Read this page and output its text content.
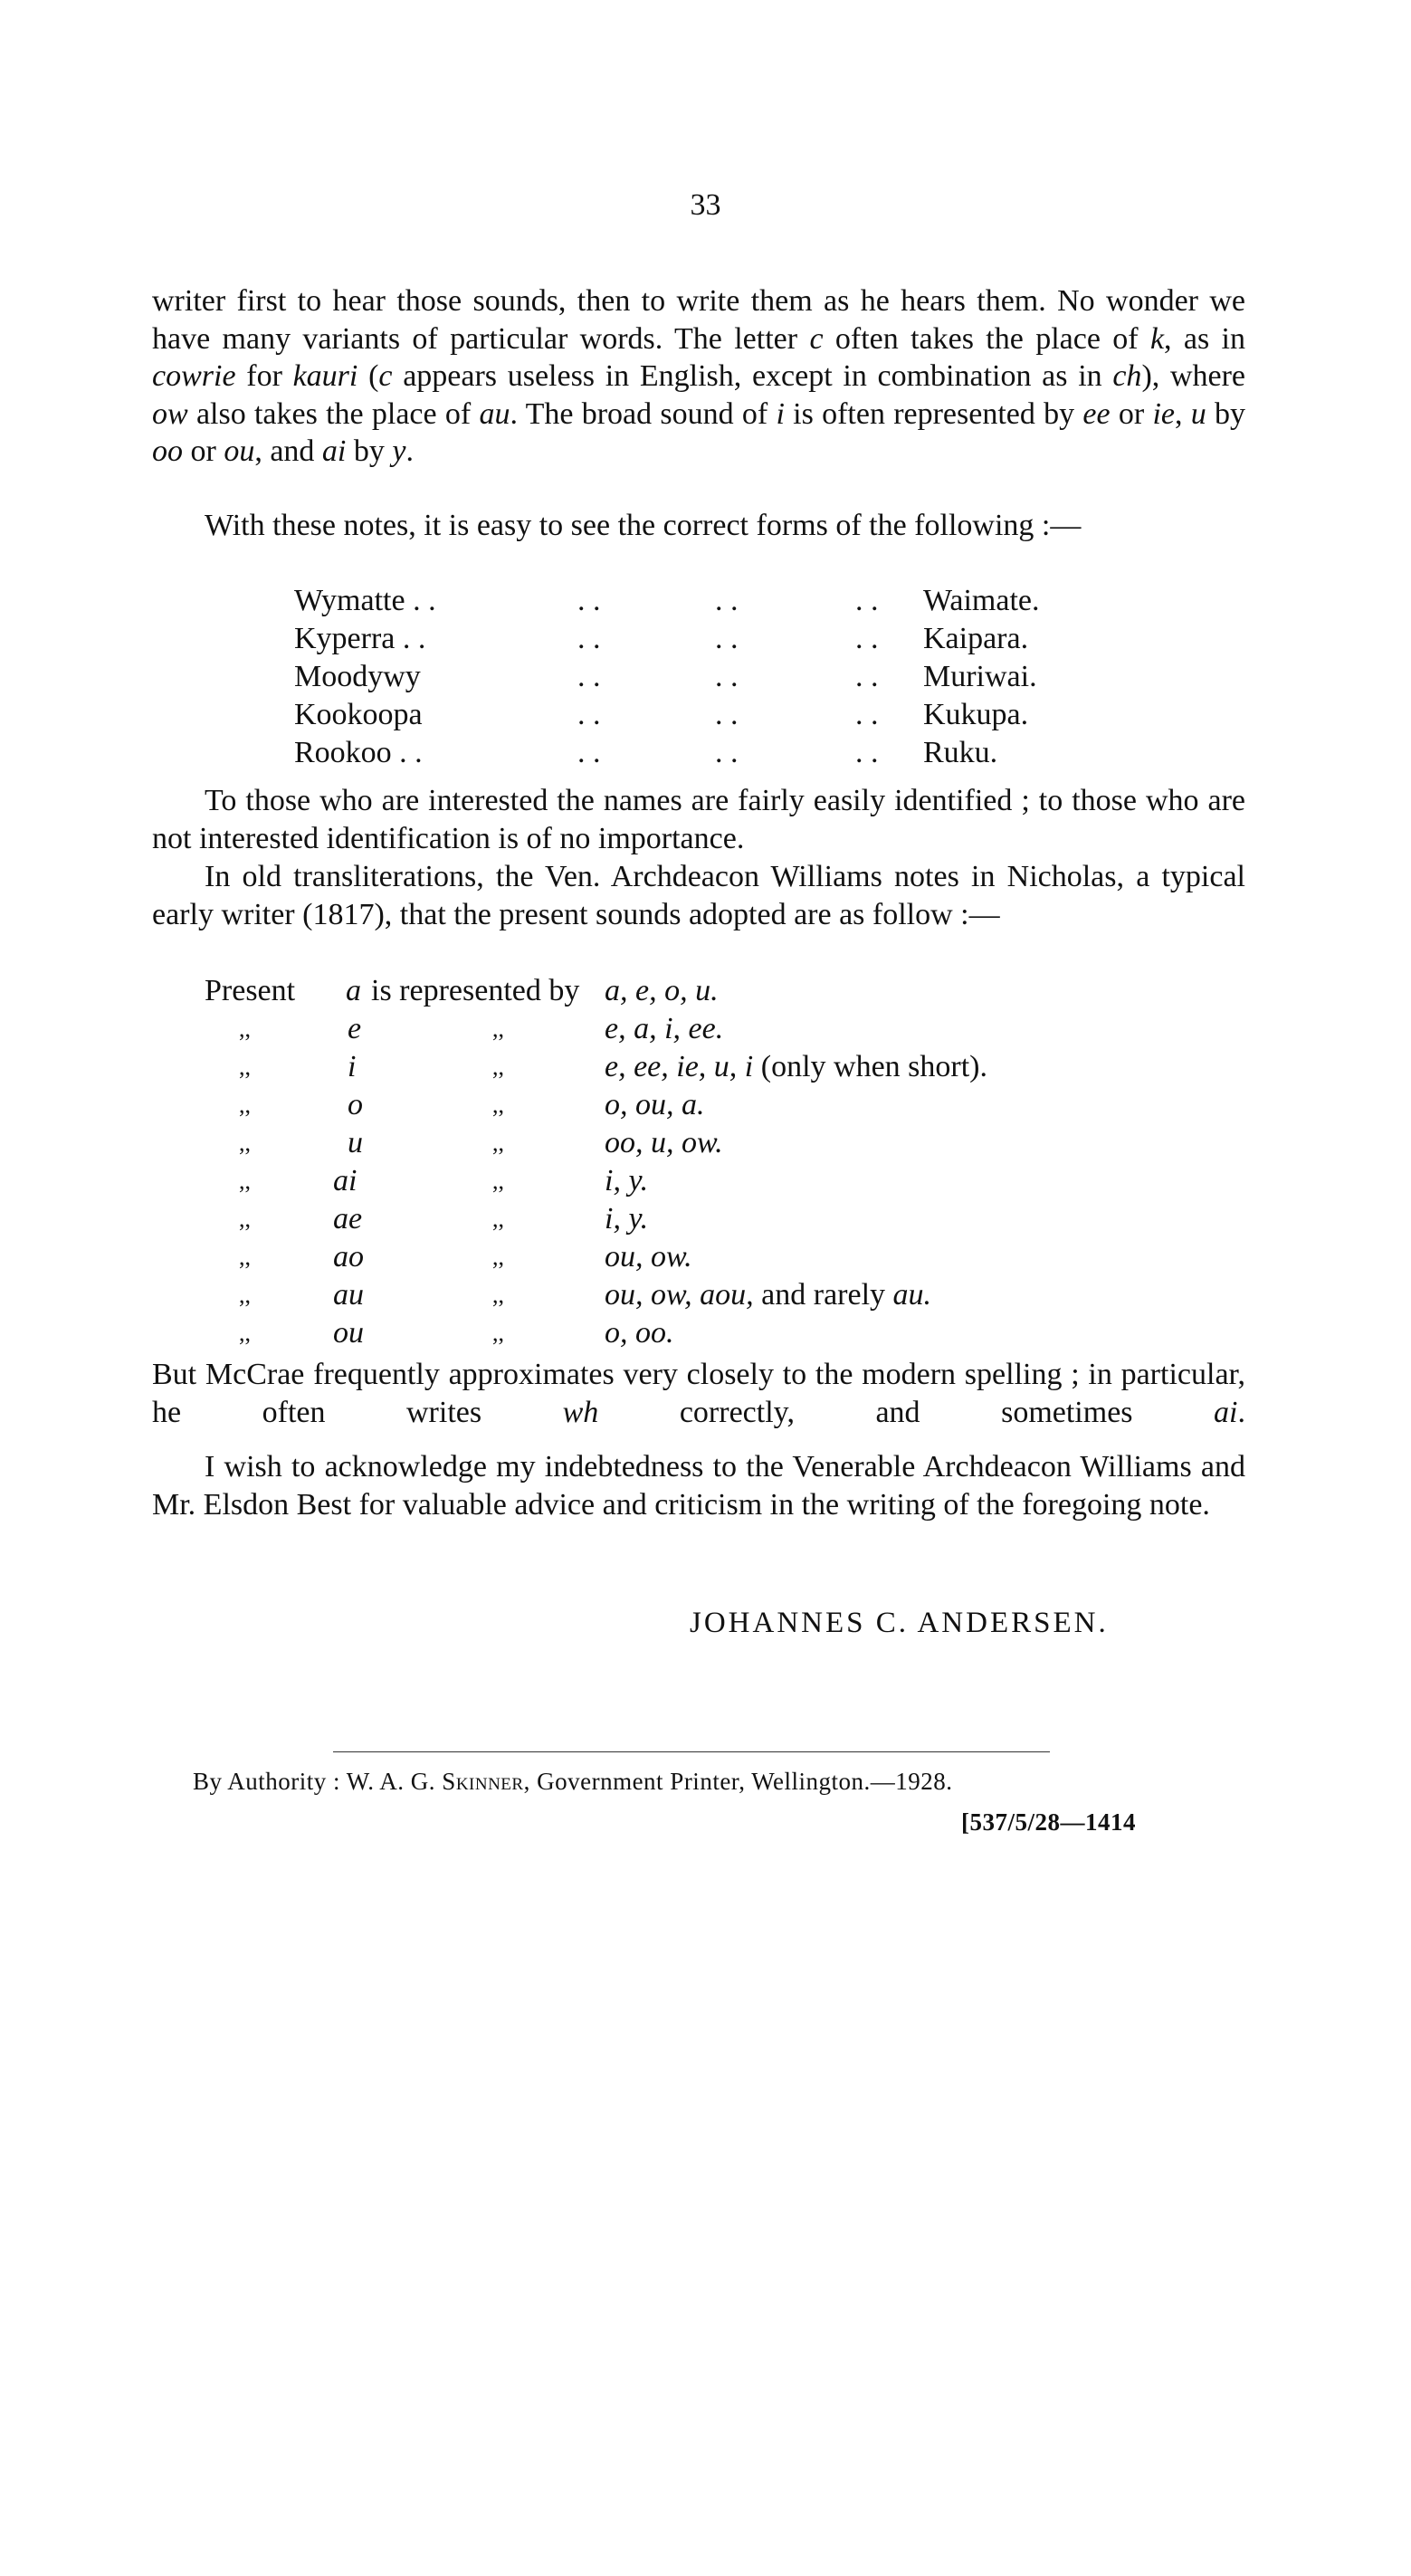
33

writer first to hear those sounds, then to write them as he hears them. No wonder we have many variants of particular words. The letter c often takes the place of k, as in cowrie for kauri (c appears useless in English, except in combination as in ch), where ow also takes the place of au. The broad sound of i is often represented by ee or ie, u by oo or ou, and ai by y.

With these notes, it is easy to see the correct forms of the following :—

Wymatte . .	. .	. .	. . Waimate.
Kyperra . .	. .	. .	. . Kaipara.
Moodywy	. .	. .	. . Muriwai.
Kookoopa	. .	. .	. . Kukupa.
Rookoo . .	. .	. .	. . Ruku.

To those who are interested the names are fairly easily identified ; to those who are not interested identification is of no importance.

In old transliterations, the Ven. Archdeacon Williams notes in Nicholas, a typical early writer (1817), that the present sounds adopted are as follow :—

Present a is represented by a, e, o, u.
,,	e	,,	e, a, i, ee.
,,	i	,,	e, ee, ie, u, i (only when short).
,,	o	,,	o, ou, a.
,,	u	,,	oo, u, ow.
,,	ai	,,	i, y.
,,	ae	,,	i, y.
,,	ao	,,	ou, ow.
,,	au	,,	ou, ow, aou, and rarely au.
,,	ou	,,	o, oo.

But McCrae frequently approximates very closely to the modern spelling ; in particular, he often writes wh correctly, and sometimes ai.

I wish to acknowledge my indebtedness to the Venerable Archdeacon Williams and Mr. Elsdon Best for valuable advice and criticism in the writing of the foregoing note.

JOHANNES C. ANDERSEN.
By Authority : W. A. G. Skinner, Government Printer, Wellington.—1928.
[537/5/28—1414
